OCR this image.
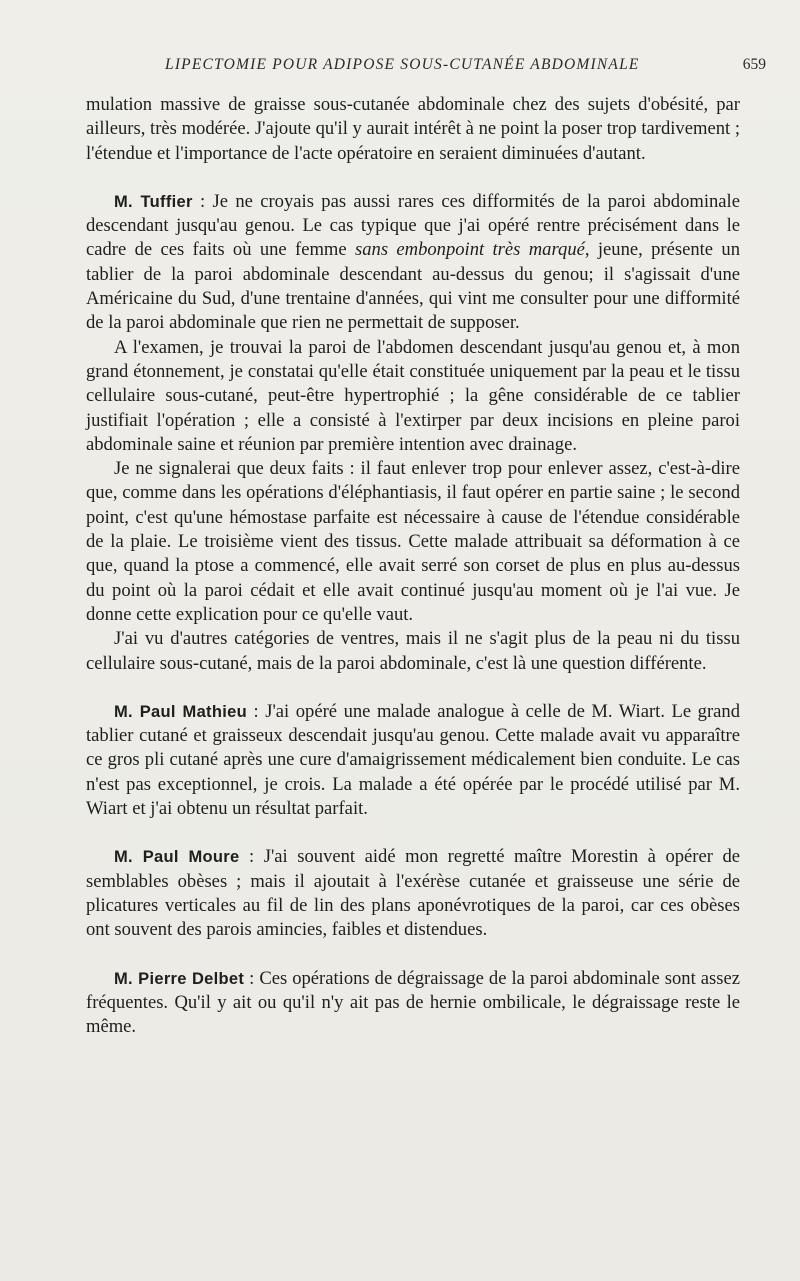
LIPECTOMIE POUR ADIPOSE SOUS-CUTANÉE ABDOMINALE	659

mulation massive de graisse sous-cutanée abdominale chez des sujets d'obésité, par ailleurs, très modérée. J'ajoute qu'il y aurait intérêt à ne point la poser trop tardivement ; l'étendue et l'importance de l'acte opératoire en seraient diminuées d'autant.

M. Tuffier : Je ne croyais pas aussi rares ces difformités de la paroi abdominale descendant jusqu'au genou. Le cas typique que j'ai opéré rentre précisément dans le cadre de ces faits où une femme sans embonpoint très marqué, jeune, présente un tablier de la paroi abdominale descendant au-dessus du genou; il s'agissait d'une Américaine du Sud, d'une trentaine d'années, qui vint me consulter pour une difformité de la paroi abdominale que rien ne permettait de supposer.

A l'examen, je trouvai la paroi de l'abdomen descendant jusqu'au genou et, à mon grand étonnement, je constatai qu'elle était constituée uniquement par la peau et le tissu cellulaire sous-cutané, peut-être hypertrophié ; la gêne considérable de ce tablier justifiait l'opération ; elle a consisté à l'extirper par deux incisions en pleine paroi abdominale saine et réunion par première intention avec drainage.

Je ne signalerai que deux faits : il faut enlever trop pour enlever assez, c'est-à-dire que, comme dans les opérations d'éléphantiasis, il faut opérer en partie saine ; le second point, c'est qu'une hémostase parfaite est nécessaire à cause de l'étendue considérable de la plaie. Le troisième vient des tissus. Cette malade attribuait sa déformation à ce que, quand la ptose a commencé, elle avait serré son corset de plus en plus au-dessus du point où la paroi cédait et elle avait continué jusqu'au moment où je l'ai vue. Je donne cette explication pour ce qu'elle vaut.

J'ai vu d'autres catégories de ventres, mais il ne s'agit plus de la peau ni du tissu cellulaire sous-cutané, mais de la paroi abdominale, c'est là une question différente.

M. Paul Mathieu : J'ai opéré une malade analogue à celle de M. Wiart. Le grand tablier cutané et graisseux descendait jusqu'au genou. Cette malade avait vu apparaître ce gros pli cutané après une cure d'amaigrissement médicalement bien conduite. Le cas n'est pas exceptionnel, je crois. La malade a été opérée par le procédé utilisé par M. Wiart et j'ai obtenu un résultat parfait.

M. Paul Moure : J'ai souvent aidé mon regretté maître Morestin à opérer de semblables obèses ; mais il ajoutait à l'exérèse cutanée et graisseuse une série de plicatures verticales au fil de lin des plans aponévrotiques de la paroi, car ces obèses ont souvent des parois amincies, faibles et distendues.

M. Pierre Delbet : Ces opérations de dégraissage de la paroi abdominale sont assez fréquentes. Qu'il y ait ou qu'il n'y ait pas de hernie ombilicale, le dégraissage reste le même.
